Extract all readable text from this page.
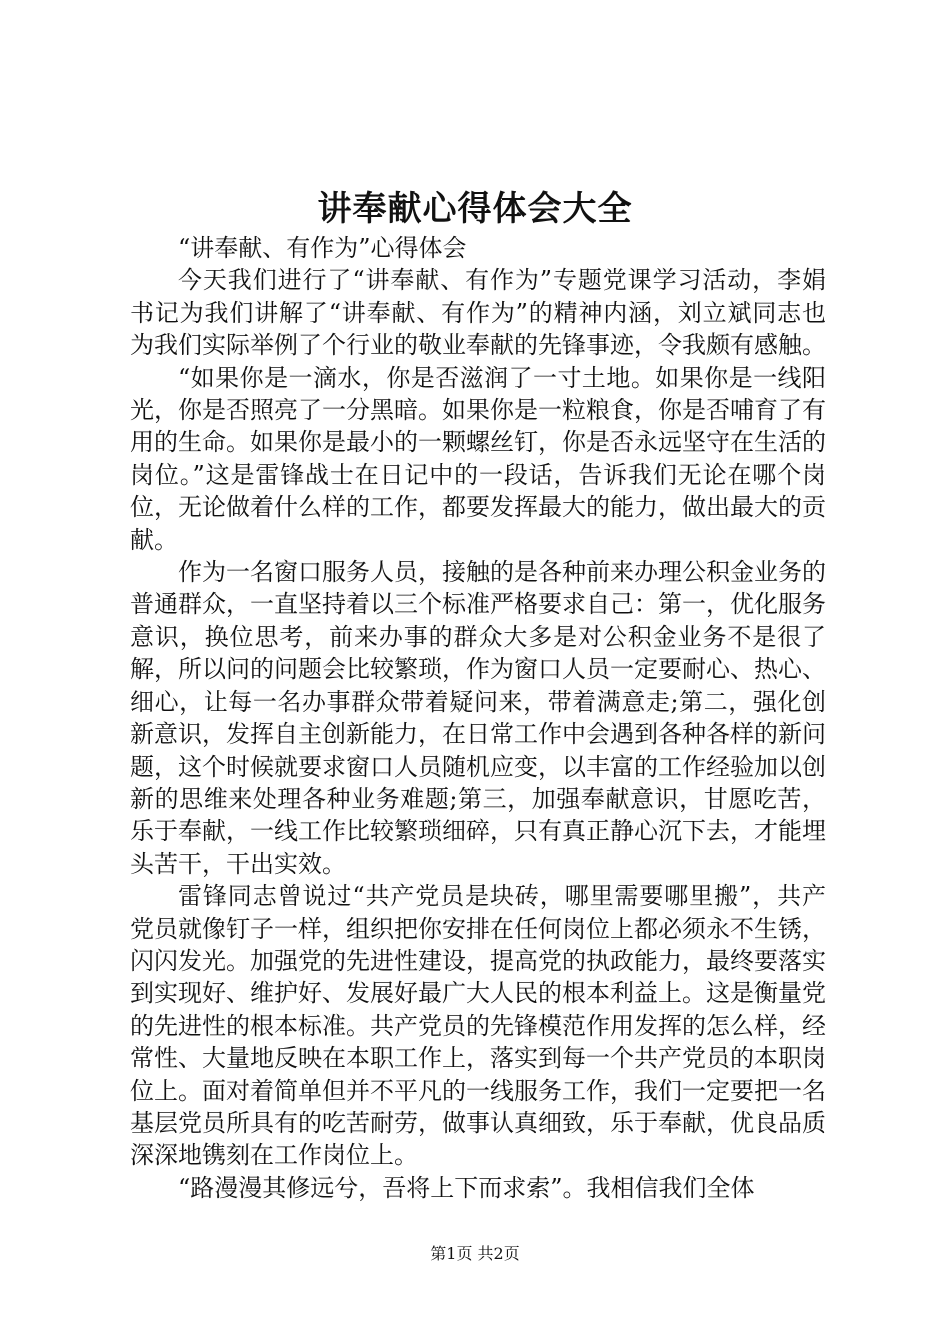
讲奉献心得体会大全

“讲奉献、有作为”心得体会

今天我们进行了“讲奉献、有作为”专题党课学习活动，李娟书记为我们讲解了“讲奉献、有作为”的精神内涵，刘立斌同志也为我们实际举例了个行业的敬业奉献的先锋事迹，令我颇有感触。

“如果你是一滴水，你是否滋润了一寸土地。如果你是一线阳光，你是否照亮了一分黑暗。如果你是一粒粮食，你是否哺育了有用的生命。如果你是最小的一颗螺丝钉，你是否永远坚守在生活的岗位。”这是雷锋战士在日记中的一段话，告诉我们无论在哪个岗位，无论做着什么样的工作，都要发挥最大的能力，做出最大的贡献。

作为一名窗口服务人员，接触的是各种前来办理公积金业务的普通群众，一直坚持着以三个标准严格要求自己：第一，优化服务意识，换位思考，前来办事的群众大多是对公积金业务不是很了解，所以问的问题会比较繁琐，作为窗口人员一定要耐心、热心、细心，让每一名办事群众带着疑问来，带着满意走;第二，强化创新意识，发挥自主创新能力，在日常工作中会遇到各种各样的新问题，这个时候就要求窗口人员随机应变，以丰富的工作经验加以创新的思维来处理各种业务难题;第三，加强奉献意识，甘愿吃苦，乐于奉献，一线工作比较繁琐细碎，只有真正静心沉下去，才能埋头苦干，干出实效。

雷锋同志曾说过“共产党员是块砖，哪里需要哪里搬”，共产党员就像钉子一样，组织把你安排在任何岗位上都必须永不生锈，闪闪发光。加强党的先进性建设，提高党的执政能力，最终要落实到实现好、维护好、发展好最广大人民的根本利益上。这是衡量党的先进性的根本标准。共产党员的先锋模范作用发挥的怎么样，经常性、大量地反映在本职工作上，落实到每一个共产党员的本职岗位上。面对着简单但并不平凡的一线服务工作，我们一定要把一名基层党员所具有的吃苦耐劳，做事认真细致，乐于奉献，优良品质深深地镌刻在工作岗位上。

“路漫漫其修远兮，吾将上下而求索”。我相信我们全体

第1页 共2页
